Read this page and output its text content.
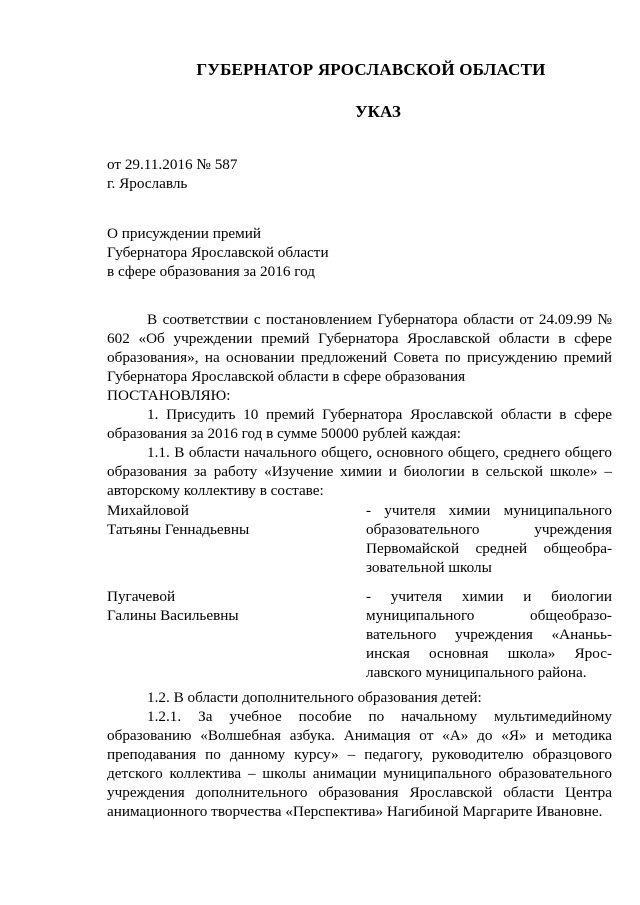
ГУБЕРНАТОР ЯРОСЛАВСКОЙ ОБЛАСТИ
УКАЗ
от 29.11.2016 № 587
г. Ярославль
О присуждении премий
Губернатора Ярославской области
в сфере образования за 2016 год
В соответствии с постановлением Губернатора области от 24.09.99 № 602 «Об учреждении премий Губернатора Ярославской области в сфере образования», на основании предложений Совета по присуждению премий Губернатора Ярославской области в сфере образования
ПОСТАНОВЛЯЮ:
1. Присудить 10 премий Губернатора Ярославской области в сфере образования за 2016 год в сумме 50000 рублей каждая:
1.1. В области начального общего, основного общего, среднего общего образования за работу «Изучение химии и биологии в сельской школе» – авторскому коллективу в составе:
Михайловой
Татьяны Геннадьевны
- учителя химии муниципального
образовательного учреждения
Первомайской средней общеобра-
зовательной школы
Пугачевой
Галины Васильевны
- учителя химии и биологии
муниципального общеобразо-
вательного учреждения «Ананьь-
инская основная школа» Ярос-
лавского муниципального района.
1.2. В области дополнительного образования детей:
1.2.1. За учебное пособие по начальному мультимедийному образованию «Волшебная азбука. Анимация от «А» до «Я» и методика преподавания по данному курсу» – педагогу, руководителю образцового детского коллектива – школы анимации муниципального образовательного учреждения дополнительного образования Ярославской области Центра анимационного творчества «Перспектива» Нагибиной Маргарите Ивановне.
